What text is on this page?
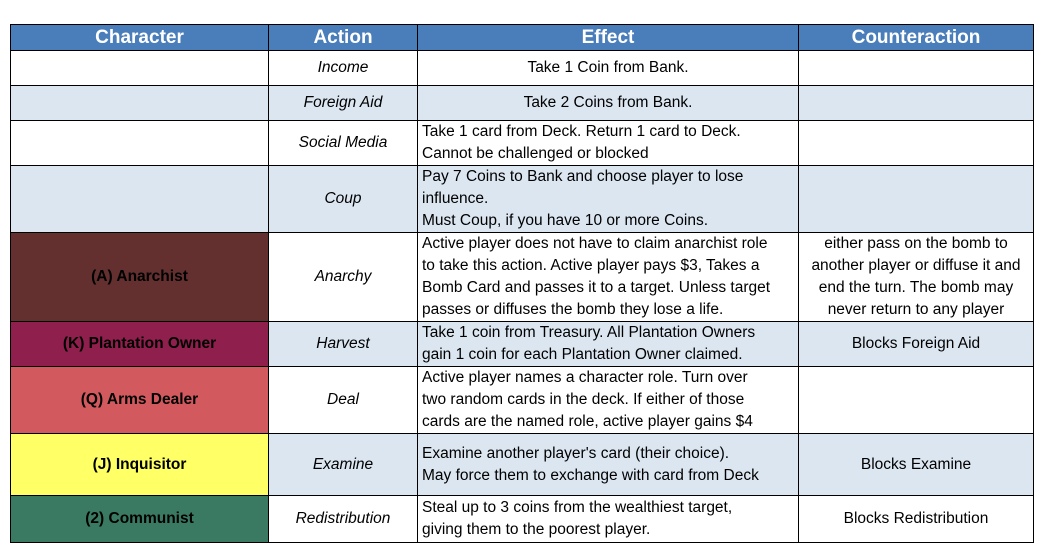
Character	Action	Effect	Counteraction
	Income	Take 1 Coin from Bank.	

	Foreign Aid	Take 2 Coins from Bank.	

	Social Media	Take 1 card from Deck. Return 1 card to Deck.
Cannot be challenged or blocked	

	Coup	Pay 7 Coins to Bank and choose player to lose
influence.
Must Coup, if you have 10 or more Coins.	

(A) Anarchist	Anarchy	Active player does not have to claim anarchist role
to take this action. Active player pays $3, Takes a
Bomb Card and passes it to a target. Unless target
passes or diffuses the bomb they lose a life.	either pass on the bomb to
another player or diffuse it and
end the turn. The bomb may
never return to any player

(K) Plantation Owner	Harvest	Take 1 coin from Treasury. All Plantation Owners
gain 1 coin for each Plantation Owner claimed.	Blocks Foreign Aid

(Q) Arms Dealer	Deal	Active player names a character role. Turn over
two random cards in the deck. If either of those
cards are the named role, active player gains $4	

(J) Inquisitor	Examine	Examine another player's card (their choice).
May force them to exchange with card from Deck	Blocks Examine

(2) Communist	Redistribution	Steal up to 3 coins from the wealthiest target,
giving them to the poorest player.	Blocks Redistribution
